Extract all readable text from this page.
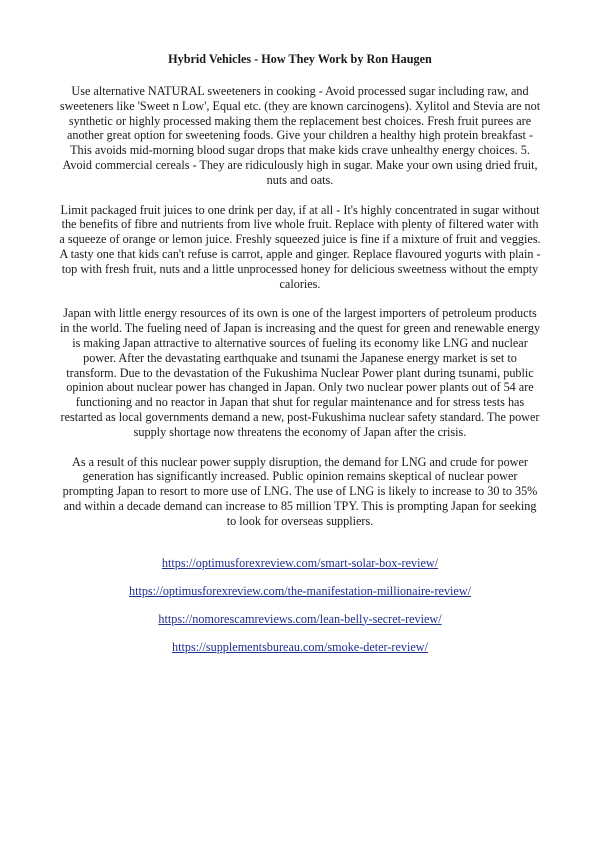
Hybrid Vehicles - How They Work by Ron Haugen

Use alternative NATURAL sweeteners in cooking - Avoid processed sugar including raw, and sweeteners like 'Sweet n Low', Equal etc. (they are known carcinogens). Xylitol and Stevia are not synthetic or highly processed making them the replacement best choices. Fresh fruit purees are another great option for sweetening foods. Give your children a healthy high protein breakfast - This avoids mid-morning blood sugar drops that make kids crave unhealthy energy choices. 5. Avoid commercial cereals - They are ridiculously high in sugar. Make your own using dried fruit, nuts and oats.

Limit packaged fruit juices to one drink per day, if at all - It's highly concentrated in sugar without the benefits of fibre and nutrients from live whole fruit. Replace with plenty of filtered water with a squeeze of orange or lemon juice. Freshly squeezed juice is fine if a mixture of fruit and veggies. A tasty one that kids can't refuse is carrot, apple and ginger. Replace flavoured yogurts with plain - top with fresh fruit, nuts and a little unprocessed honey for delicious sweetness without the empty calories.

Japan with little energy resources of its own is one of the largest importers of petroleum products in the world. The fueling need of Japan is increasing and the quest for green and renewable energy is making Japan attractive to alternative sources of fueling its economy like LNG and nuclear power. After the devastating earthquake and tsunami the Japanese energy market is set to transform. Due to the devastation of the Fukushima Nuclear Power plant during tsunami, public opinion about nuclear power has changed in Japan. Only two nuclear power plants out of 54 are functioning and no reactor in Japan that shut for regular maintenance and for stress tests has restarted as local governments demand a new, post-Fukushima nuclear safety standard. The power supply shortage now threatens the economy of Japan after the crisis.

As a result of this nuclear power supply disruption, the demand for LNG and crude for power generation has significantly increased. Public opinion remains skeptical of nuclear power prompting Japan to resort to more use of LNG. The use of LNG is likely to increase to 30 to 35% and within a decade demand can increase to 85 million TPY. This is prompting Japan for seeking to look for overseas suppliers.

https://optimusforexreview.com/smart-solar-box-review/
https://optimusforexreview.com/the-manifestation-millionaire-review/
https://nomorescamreviews.com/lean-belly-secret-review/
https://supplementsbureau.com/smoke-deter-review/
